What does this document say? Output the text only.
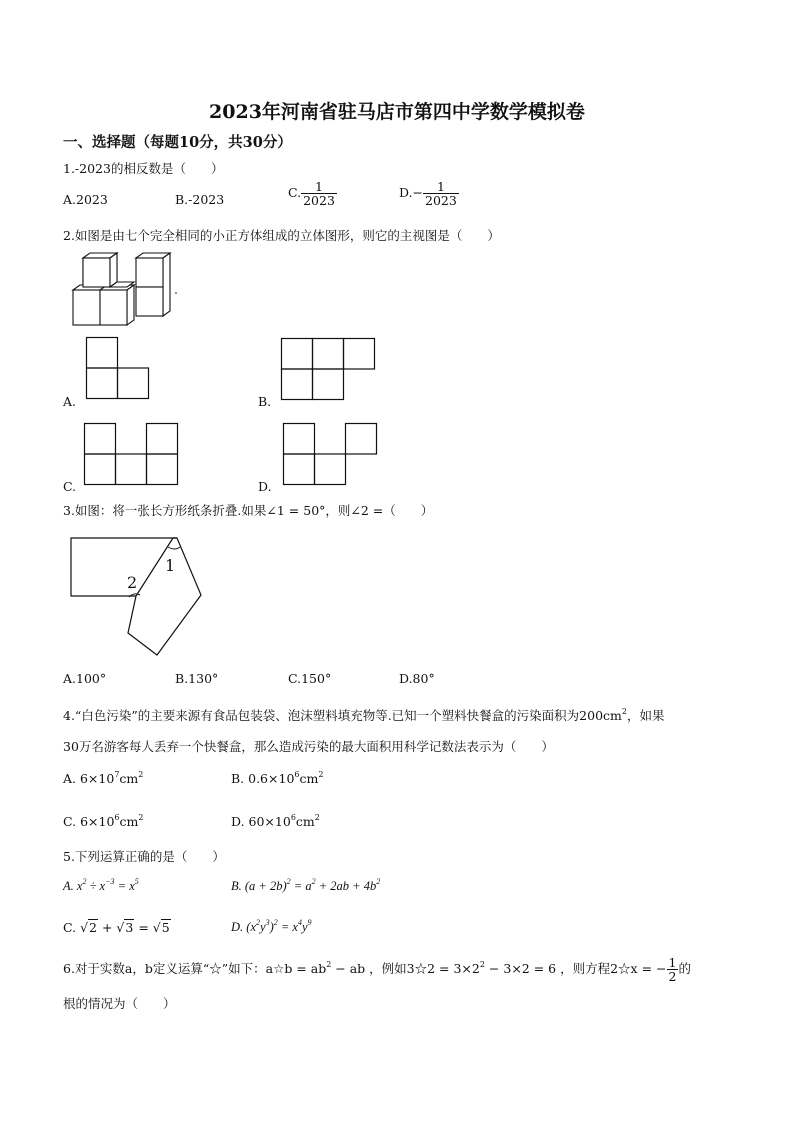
2023年河南省驻马店市第四中学数学模拟卷
一、选择题（每题10分，共30分）
1.-2023的相反数是（　　）
A.2023	B.-2023	C. $\frac{1}{2023}$	$D.- \frac{1}{2023}$
2.如图是由七个完全相同的小正方体组成的立体图形，则它的主视图是（　　）
A.	B.
C.	D.
3.如图：将一张长方形纸条折叠.如果∠1 = 50°，则∠2 =（　　）
1
2
A.100°	B.130°	C.150°	D.80°
4.“白色污染”的主要来源有食品包装袋、泡沫塑料填充物等.已知一个塑料快餐盒的污染面积为$200cm^2$，如果
30万名游客每人丢弃一个快餐盒，那么造成污染的最大面积用科学记数法表示为（　　）
A. $6\times 10^7cm^2$	B. $0.6\times 10^6cm^2$
C. $6\times 10^6cm^2$	D. $60\times 10^6cm^2$
5.下列运算正确的是（　　）
A. $x^2 \div x^{-3} = x^5$	B. $(a + 2b)^2 = a^2 + 2ab + 4b^2$
C. √2 + √3 = √5	D. $(x^2y^3)^2 = x^4y^9$
6.对于实数a，b定义运算“☆”如下：a☆b = $ab^2$ − ab ，例如3☆2 = $3\times 2^2 - 3\times 2 = 6$ ，则方程2☆x = − $\frac{1}{2}$ 的
根的情况为（　　）
